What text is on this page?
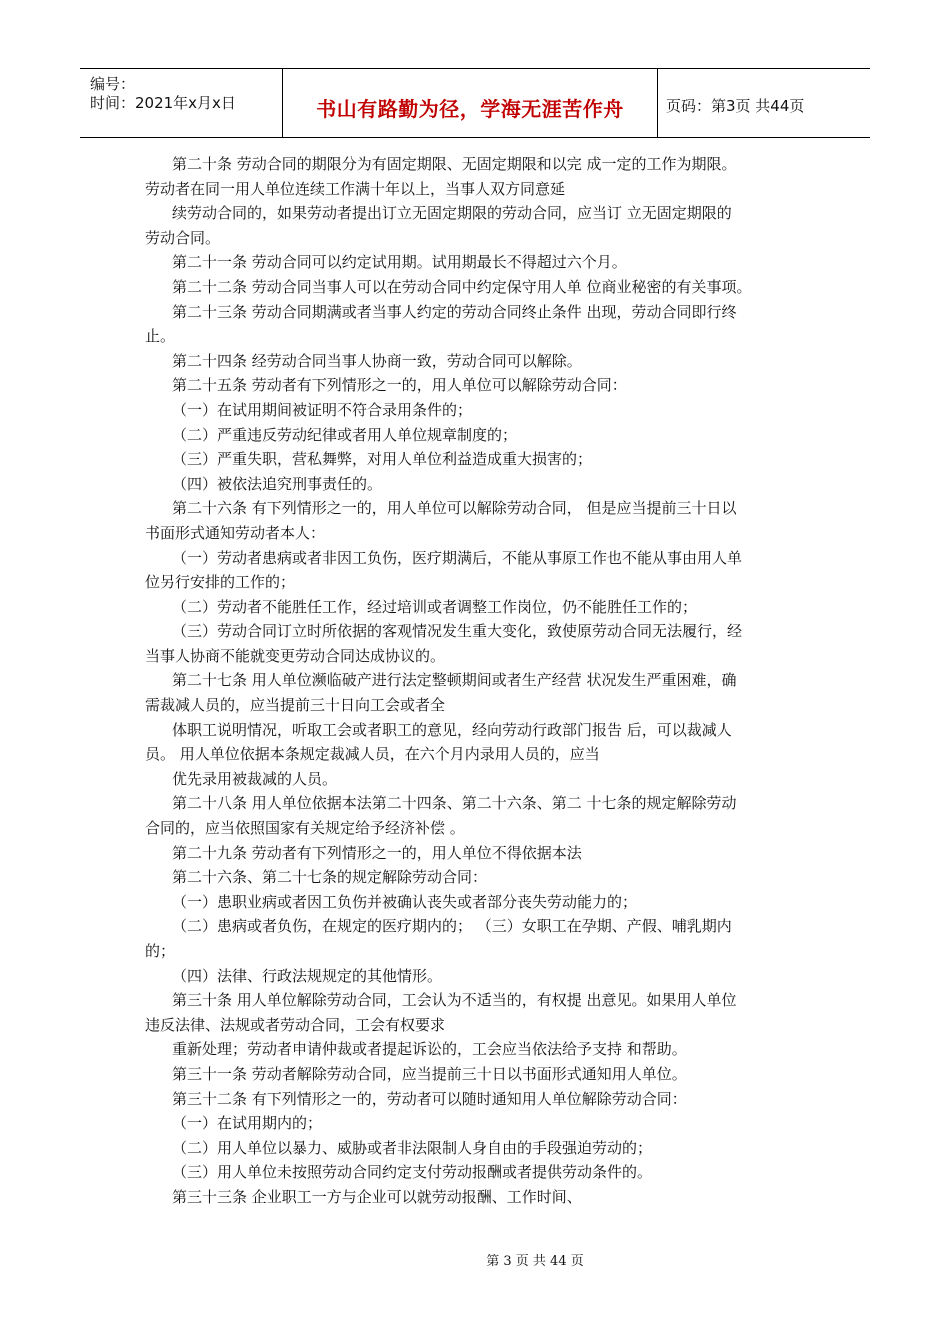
编号：
时间：2021年x月x日	书山有路勤为径，学海无涯苦作舟	页码：第3页 共44页
第二十条 劳动合同的期限分为有固定期限、无固定期限和以完 成一定的工作为期限。
劳动者在同一用人单位连续工作满十年以上，当事人双方同意延
续劳动合同的，如果劳动者提出订立无固定期限的劳动合同，应当订 立无固定期限的
劳动合同。
第二十一条 劳动合同可以约定试用期。试用期最长不得超过六个月。
第二十二条 劳动合同当事人可以在劳动合同中约定保守用人单 位商业秘密的有关事项。
第二十三条 劳动合同期满或者当事人约定的劳动合同终止条件 出现，劳动合同即行终
止。
第二十四条 经劳动合同当事人协商一致，劳动合同可以解除。
第二十五条 劳动者有下列情形之一的，用人单位可以解除劳动合同：
（一）在试用期间被证明不符合录用条件的；
（二）严重违反劳动纪律或者用人单位规章制度的；
（三）严重失职，营私舞弊，对用人单位利益造成重大损害的；
（四）被依法追究刑事责任的。
第二十六条 有下列情形之一的，用人单位可以解除劳动合同， 但是应当提前三十日以
书面形式通知劳动者本人：
（一）劳动者患病或者非因工负伤，医疗期满后，不能从事原工作也不能从事由用人单
位另行安排的工作的；
（二）劳动者不能胜任工作，经过培训或者调整工作岗位，仍不能胜任工作的；
（三）劳动合同订立时所依据的客观情况发生重大变化，致使原劳动合同无法履行，经
当事人协商不能就变更劳动合同达成协议的。
第二十七条 用人单位濒临破产进行法定整顿期间或者生产经营 状况发生严重困难，确
需裁减人员的，应当提前三十日向工会或者全
体职工说明情况，听取工会或者职工的意见，经向劳动行政部门报告 后，可以裁减人
员。 用人单位依据本条规定裁减人员，在六个月内录用人员的，应当
优先录用被裁减的人员。
第二十八条 用人单位依据本法第二十四条、第二十六条、第二 十七条的规定解除劳动
合同的，应当依照国家有关规定给予经济补偿 。
第二十九条 劳动者有下列情形之一的，用人单位不得依据本法
第二十六条、第二十七条的规定解除劳动合同：
（一）患职业病或者因工负伤并被确认丧失或者部分丧失劳动能力的；
（二）患病或者负伤，在规定的医疗期内的； （三）女职工在孕期、产假、哺乳期内
的；
（四）法律、行政法规规定的其他情形。
第三十条 用人单位解除劳动合同，工会认为不适当的，有权提 出意见。如果用人单位
违反法律、法规或者劳动合同，工会有权要求
重新处理；劳动者申请仲裁或者提起诉讼的，工会应当依法给予支持 和帮助。
第三十一条 劳动者解除劳动合同，应当提前三十日以书面形式通知用人单位。
第三十二条 有下列情形之一的，劳动者可以随时通知用人单位解除劳动合同：
（一）在试用期内的；
（二）用人单位以暴力、威胁或者非法限制人身自由的手段强迫劳动的；
（三）用人单位未按照劳动合同约定支付劳动报酬或者提供劳动条件的。
第三十三条 企业职工一方与企业可以就劳动报酬、工作时间、
第 3 页 共 44 页
